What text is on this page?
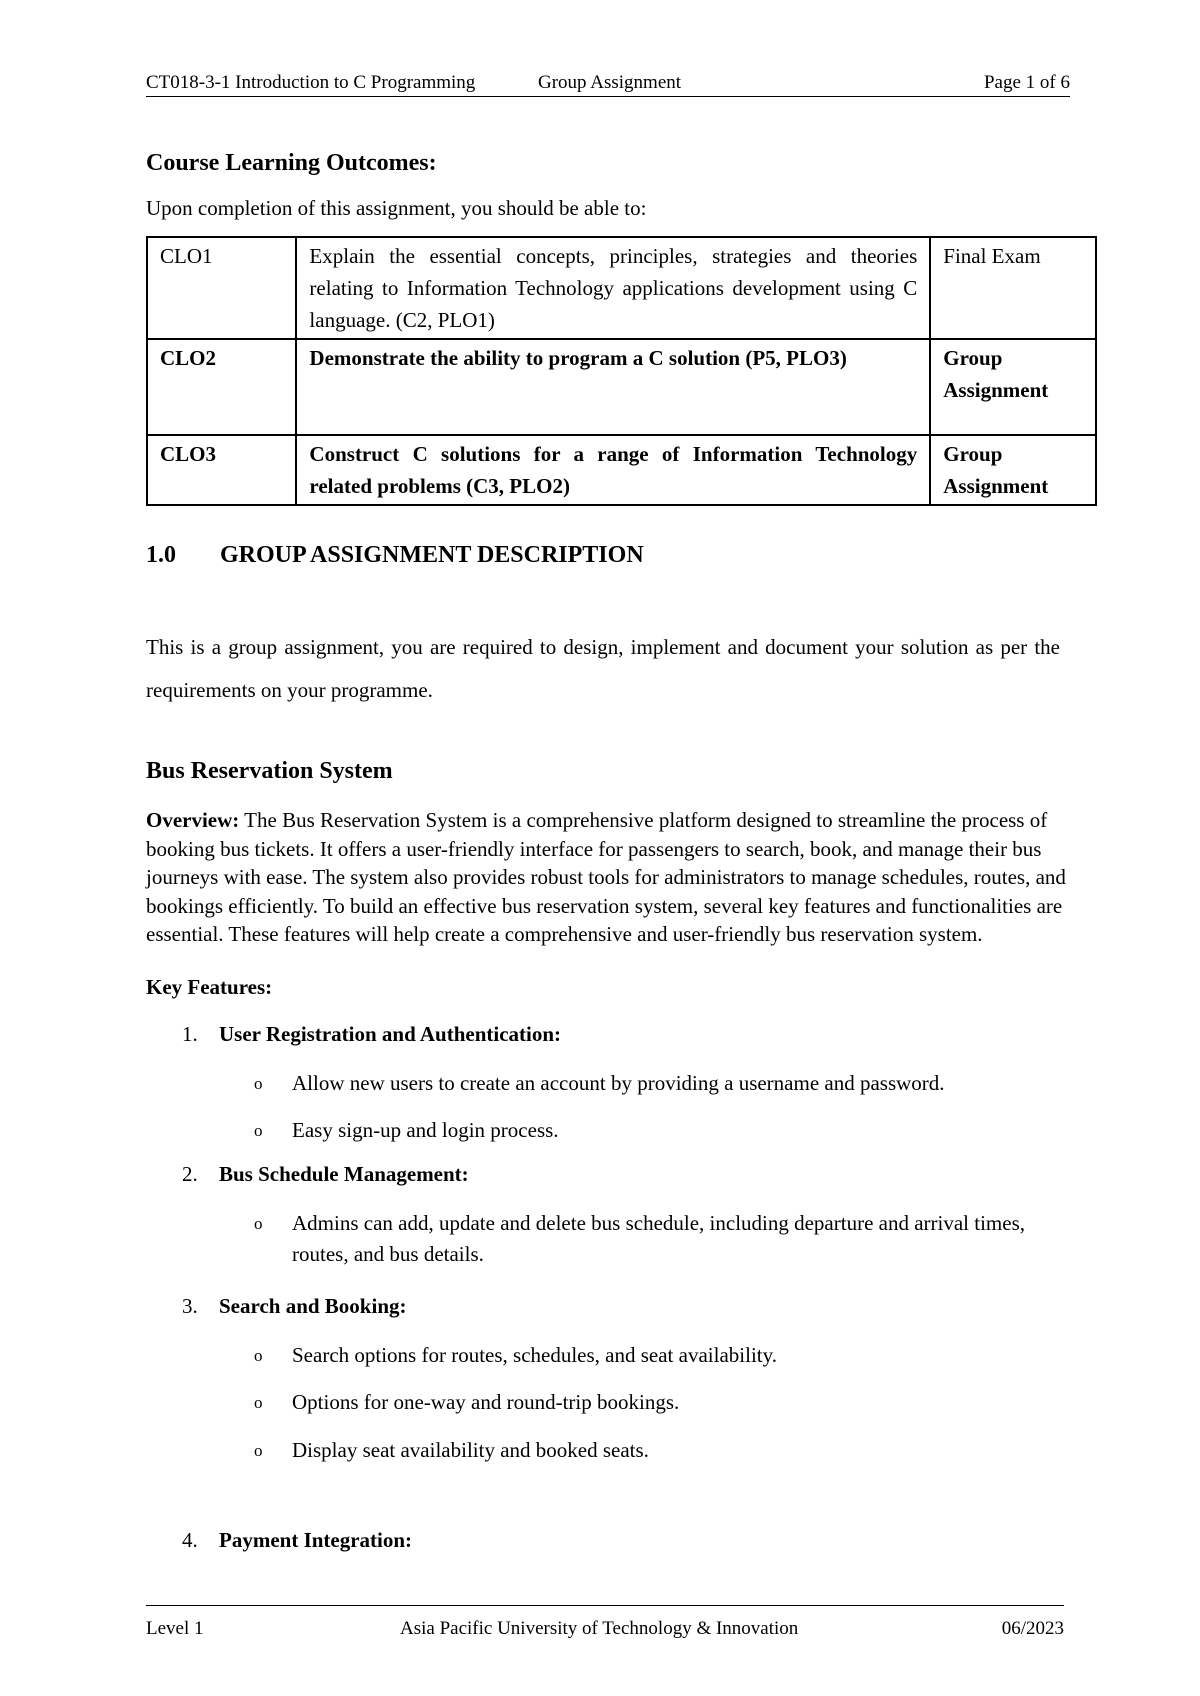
CT018-3-1 Introduction to C Programming	Group Assignment	Page 1 of 6
Course Learning Outcomes:
Upon completion of this assignment, you should be able to:
CLO1	Explain the essential concepts, principles, strategies and theories relating to Information Technology applications development using C language. (C2, PLO1)	Final Exam
CLO2	Demonstrate the ability to program a C solution (P5, PLO3)	Group Assignment
CLO3	Construct C solutions for a range of Information Technology related problems (C3, PLO2)	Group Assignment
1.0 GROUP ASSIGNMENT DESCRIPTION
This is a group assignment, you are required to design, implement and document your solution as per the requirements on your programme.
Bus Reservation System
Overview: The Bus Reservation System is a comprehensive platform designed to streamline the process of booking bus tickets. It offers a user-friendly interface for passengers to search, book, and manage their bus journeys with ease. The system also provides robust tools for administrators to manage schedules, routes, and bookings efficiently. To build an effective bus reservation system, several key features and functionalities are essential. These features will help create a comprehensive and user-friendly bus reservation system.
Key Features:
1. User Registration and Authentication:
o Allow new users to create an account by providing a username and password.
o Easy sign-up and login process.
2. Bus Schedule Management:
o Admins can add, update and delete bus schedule, including departure and arrival times, routes, and bus details.
3. Search and Booking:
o Search options for routes, schedules, and seat availability.
o Options for one-way and round-trip bookings.
o Display seat availability and booked seats.
4. Payment Integration:
Level 1	Asia Pacific University of Technology & Innovation	06/2023
